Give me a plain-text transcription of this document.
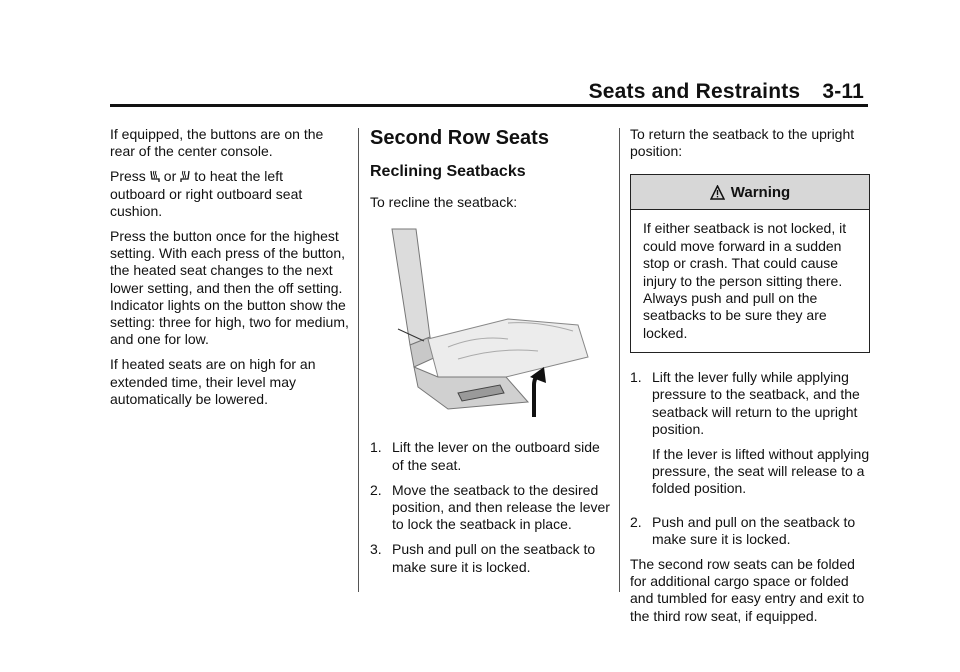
Seats and Restraints 3-11

If equipped, the buttons are on the rear of the center console.

Press or to heat the left

outboard or right outboard seat cushion.

Press the button once for the highest setting. With each press of the button, the heated seat changes to the next lower setting, and then the off setting. Indicator lights on the button show the setting: three for high, two for medium, and one for low.

If heated seats are on high for an extended time, their level may automatically be lowered.

Second Row Seats
Reclining Seatbacks

To recline the seatback:

1. Lift the lever on the outboard side of the seat.
2. Move the seatback to the desired position, and then release the lever to lock the seatback in place.
3. Push and pull on the seatback to make sure it is locked.

To return the seatback to the upright position:

Warning
If either seatback is not locked, it could move forward in a sudden stop or crash. That could cause injury to the person sitting there. Always push and pull on the seatbacks to be sure they are locked.
1. Lift the lever fully while applying pressure to the seatback, and the seatback will return to the upright position.

If the lever is lifted without applying pressure, the seat will release to a folded position.

2. Push and pull on the seatback to make sure it is locked.

The second row seats can be folded for additional cargo space or folded and tumbled for easy entry and exit to the third row seat, if equipped.
